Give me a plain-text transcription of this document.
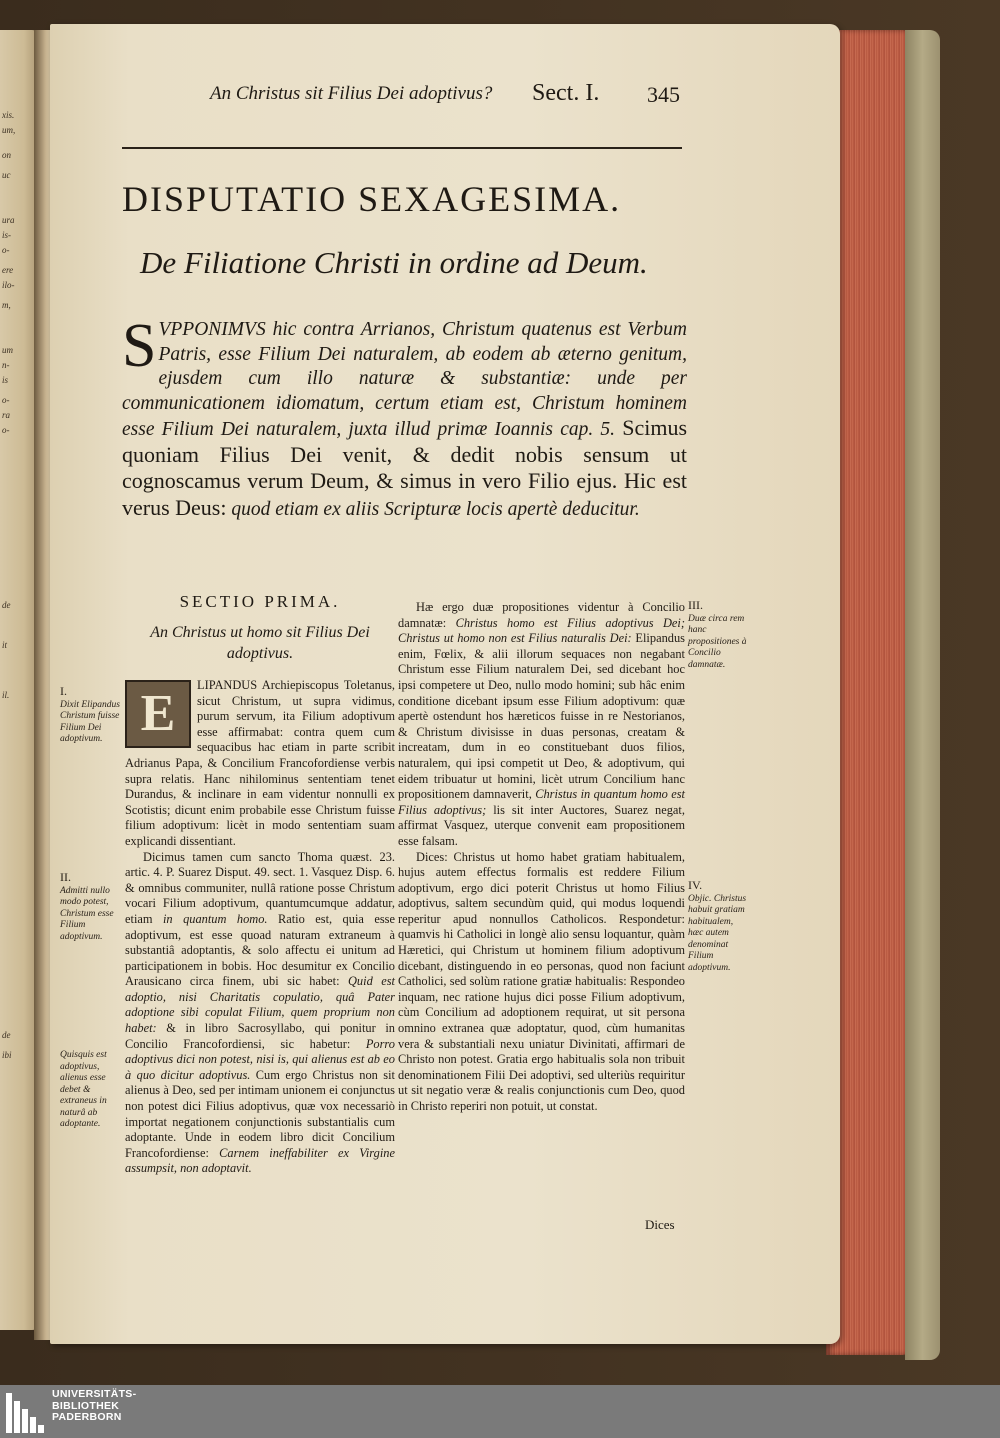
xis.
um,
on
uc
ura
is-
o-
ere
ilo-
m,
um
n-
is
o-
ra
o-
de
it
il.
de
ibi
An Christus sit Filius Dei adoptivus? Sect. I. 345
DISPUTATIO SEXAGESIMA.
De Filiatione Christi in ordine ad Deum.
SVPPONIMVS hic contra Arrianos, Christum quatenus est Verbum Patris, esse Filium Dei naturalem, ab eodem ab æterno genitum, ejusdem cum illo naturæ & substantiæ: unde per communicationem idiomatum, certum etiam est, Christum hominem esse Filium Dei naturalem, juxta illud primæ Ioannis cap. 5. Scimus quoniam Filius Dei venit, & dedit nobis sensum ut cognoscamus verum Deum, & simus in vero Filio ejus. Hic est verus Deus: quod etiam ex aliis Scripturæ locis apertè deducitur.
SECTIO PRIMA.
An Christus ut homo sit Filius Dei adoptivus.
E	LIPANDUS Archiepiscopus Toletanus, sicut Christum, ut supra vidimus, purum servum, ita Filium adoptivum esse affirmabat: contra quem cum sequacibus hac etiam in parte scribit Adrianus Papa, & Concilium Francofordiense verbis supra relatis. Hanc nihilominus sententiam tenet Durandus, & inclinare in eam videntur nonnulli ex Scotistis; dicunt enim probabile esse Christum fuisse filium adoptivum: licèt in modo sententiam suam explicandi dissentiant.

Dicimus tamen cum sancto Thoma quæst. 23. artic. 4. P. Suarez Disput. 49. sect. 1. Vasquez Disp. 6. & omnibus communiter, nullâ ratione posse Christum vocari Filium adoptivum, quantumcumque addatur, etiam in quantum homo. Ratio est, quia esse adoptivum, est esse quoad naturam extraneum à substantiâ adoptantis, & solo affectu ei unitum ad participationem in bobis. Hoc desumitur ex Concilio Arausicano circa finem, ubi sic habet: Quid est adoptio, nisi Charitatis copulatio, quâ Pater adoptione sibi copulat Filium, quem proprium non habet: & in libro Sacrosyllabo, qui ponitur in Concilio Francofordiensi, sic habetur: Porro adoptivus dici non potest, nisi is, qui alienus est ab eo à quo dicitur adoptivus. Cum ergo Christus non sit alienus à Deo, sed per intimam unionem ei conjunctus non potest dici Filius adoptivus, quæ vox necessariò importat negationem conjunctionis substantialis cum adoptante. Unde in eodem libro dicit Concilium Francofordiense: Carnem ineffabiliter ex Virgine assumpsit, non adoptavit.

Hæ ergo duæ propositiones videntur à Concilio damnatæ: Christus homo est Filius adoptivus Dei; Christus ut homo non est Filius naturalis Dei: Elipandus enim, Fœlix, & alii illorum sequaces non negabant Christum esse Filium naturalem Dei, sed dicebant hoc ipsi competere ut Deo, nullo modo homini; sub hâc enim conditione dicebant ipsum esse Filium adoptivum: quæ apertè ostendunt hos hæreticos fuisse in re Nestorianos, & Christum divisisse in duas personas, creatam & increatam, dum in eo constituebant duos filios, naturalem, qui ipsi competit ut Deo, & adoptivum, qui eidem tribuatur ut homini, licèt utrum Concilium hanc propositionem damnaverit, Christus in quantum homo est Filius adoptivus; lis sit inter Auctores, Suarez negat, affirmat Vasquez, uterque convenit eam propositionem esse falsam.

Dices: Christus ut homo habet gratiam habitualem, hujus autem effectus formalis est reddere Filium adoptivum, ergo dici poterit Christus ut homo Filius adoptivus, saltem secundùm quid, qui modus loquendi reperitur apud nonnullos Catholicos. Respondetur: quamvis hi Catholici in longè alio sensu loquantur, quàm Hæretici, qui Christum ut hominem filium adoptivum dicebant, distinguendo in eo personas, quod non faciunt Catholici, sed solùm ratione gratiæ habitualis: Respondeo inquam, nec ratione hujus dici posse Filium adoptivum, cùm Concilium ad adoptionem requirat, ut sit persona omnino extranea quæ adoptatur, quod, cùm humanitas vera & substantiali nexu uniatur Divinitati, affirmari de Christo non potest. Gratia ergo habitualis sola non tribuit denominationem Filii Dei adoptivi, sed ulteriùs requiritur ut sit negatio veræ & realis conjunctionis cum Deo, quod in Christo reperiri non potuit, ut constat.

I.
Dixit Elipandus Christum fuisse Filium Dei adoptivum.
II.
Admitti nullo modo potest, Christum esse Filium adoptivum.
Quisquis est adoptivus, alienus esse debet & extraneus in naturâ ab adoptante.
III.
Duæ circa rem hanc propositiones à Concilio damnatæ.
IV.
Objic. Christus habuit gratiam habitualem, hæc autem denominat Filium adoptivum.
Dices
UNIVERSITÄTS-
BIBLIOTHEK
PADERBORN
